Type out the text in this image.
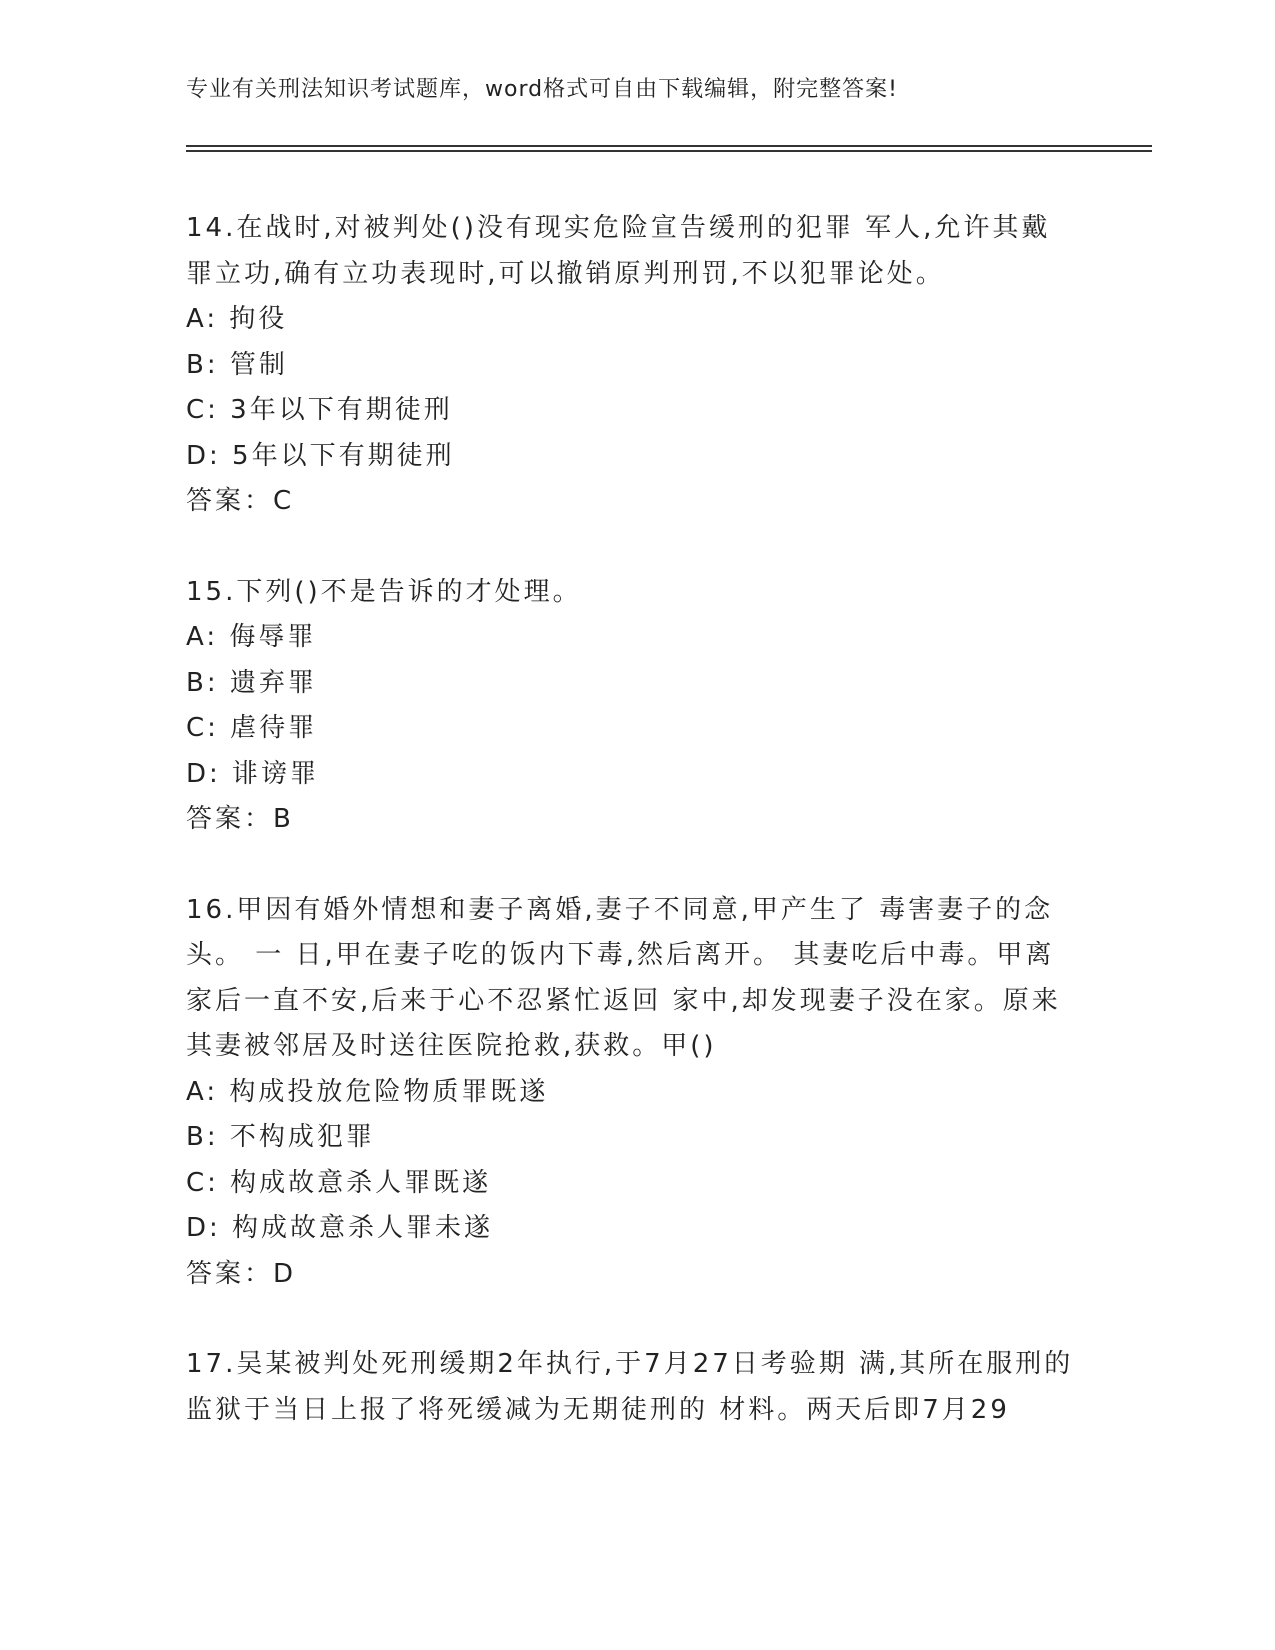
专业有关刑法知识考试题库，word格式可自由下载编辑，附完整答案!

14.在战时,对被判处()没有现实危险宣告缓刑的犯罪 军人,允许其戴罪立功,确有立功表现时,可以撤销原判刑罚,不以犯罪论处。

A: 拘役
B: 管制
C: 3年以下有期徒刑
D: 5年以下有期徒刑
答案：C

15.下列()不是告诉的才处理。

A: 侮辱罪
B: 遗弃罪
C: 虐待罪
D: 诽谤罪
答案：B

16.甲因有婚外情想和妻子离婚,妻子不同意,甲产生了 毒害妻子的念头。 一 日,甲在妻子吃的饭内下毒,然后离开。 其妻吃后中毒。甲离家后一直不安,后来于心不忍紧忙返回 家中,却发现妻子没在家。原来其妻被邻居及时送往医院抢救,获救。甲()

A: 构成投放危险物质罪既遂
B: 不构成犯罪
C: 构成故意杀人罪既遂
D: 构成故意杀人罪未遂
答案：D

17.吴某被判处死刑缓期2年执行,于7月27日考验期 满,其所在服刑的监狱于当日上报了将死缓减为无期徒刑的 材料。两天后即7月29
